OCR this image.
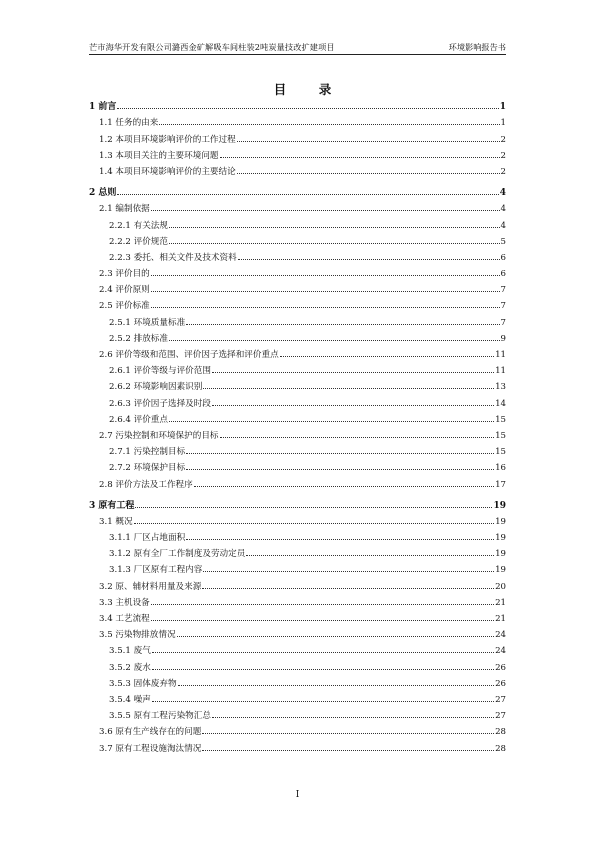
芒市海华开发有限公司潞西金矿解吸车间柱装2吨炭量技改扩建项目	环境影响报告书
目　录
1 前言	1
1.1 任务的由来	1
1.2 本项目环境影响评价的工作过程	2
1.3 本项目关注的主要环境问题	2
1.4 本项目环境影响评价的主要结论	2
2 总则	4
2.1 编制依据	4
2.2.1 有关法规	4
2.2.2 评价规范	5
2.2.3 委托、相关文件及技术资料	6
2.3 评价目的	6
2.4 评价原则	7
2.5 评价标准	7
2.5.1 环境质量标准	7
2.5.2 排放标准	9
2.6 评价等级和范围、评价因子选择和评价重点	11
2.6.1 评价等级与评价范围	11
2.6.2 环境影响因素识别	13
2.6.3 评价因子选择及时段	14
2.6.4 评价重点	15
2.7 污染控制和环境保护的目标	15
2.7.1 污染控制目标	15
2.7.2 环境保护目标	16
2.8 评价方法及工作程序	17
3 原有工程	19
3.1 概况	19
3.1.1 厂区占地面积	19
3.1.2 原有全厂工作制度及劳动定员	19
3.1.3 厂区原有工程内容	19
3.2 原、辅材料用量及来源	20
3.3 主机设备	21
3.4 工艺流程	21
3.5 污染物排放情况	24
3.5.1 废气	24
3.5.2 废水	26
3.5.3 固体废弃物	26
3.5.4 噪声	27
3.5.5 原有工程污染物汇总	27
3.6 原有生产线存在的问题	28
3.7 原有工程设施淘汰情况	28
I
